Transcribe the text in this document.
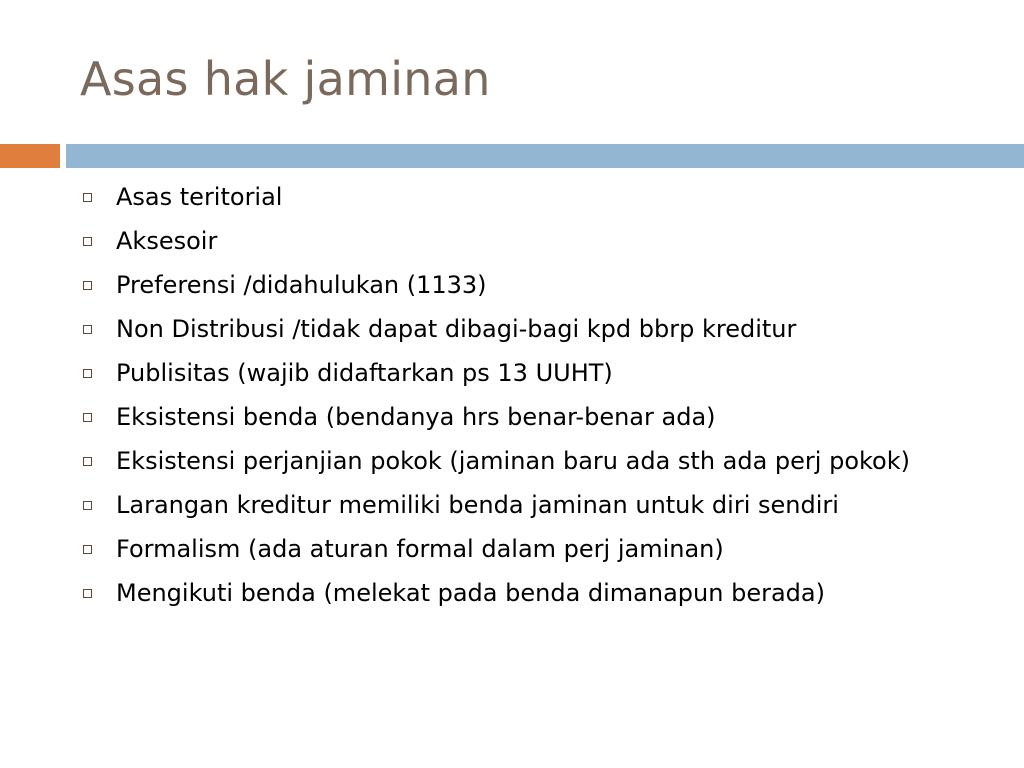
Asas hak jaminan
Asas teritorial
Aksesoir
Preferensi /didahulukan (1133)
Non Distribusi /tidak dapat dibagi-bagi kpd bbrp kreditur
Publisitas (wajib didaftarkan ps 13 UUHT)
Eksistensi benda (bendanya hrs benar-benar ada)
Eksistensi perjanjian pokok (jaminan baru ada sth ada perj pokok)
Larangan kreditur memiliki benda jaminan untuk diri sendiri
Formalism (ada aturan formal dalam perj jaminan)
Mengikuti benda (melekat pada benda dimanapun berada)
